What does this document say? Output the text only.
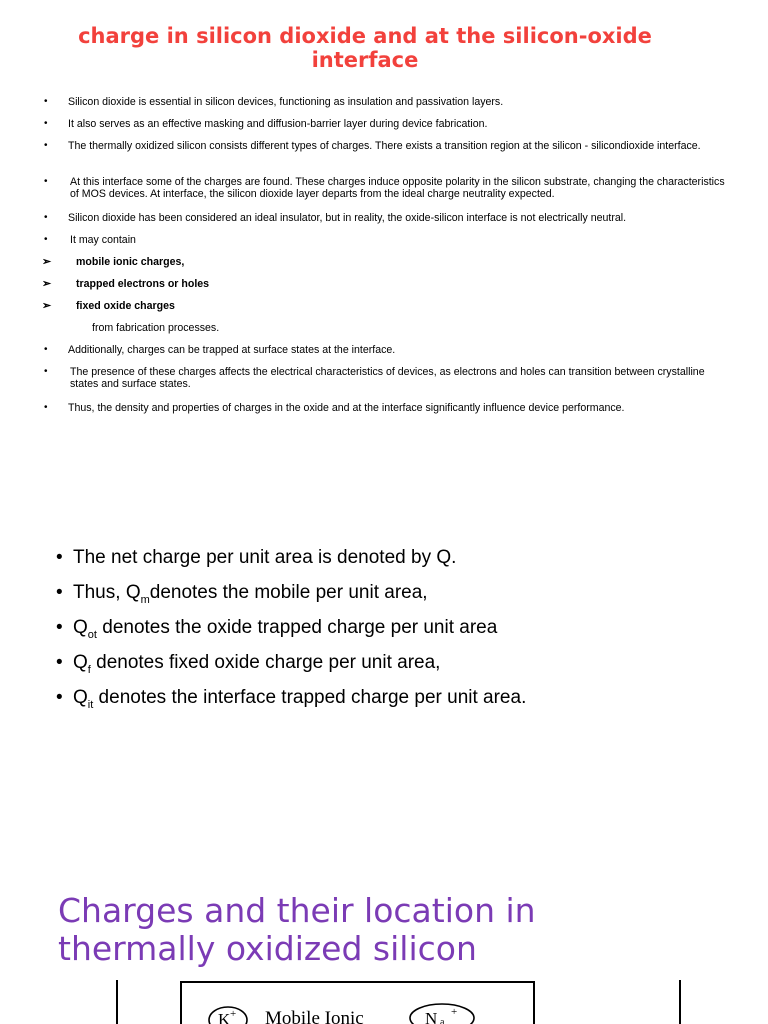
charge in silicon dioxide and at the silicon-oxide interface
• Silicon dioxide is essential in silicon devices, functioning as insulation and passivation layers.
• It also serves as an effective masking and diffusion-barrier layer during device fabrication.
• The thermally oxidized silicon consists different types of charges. There exists a transition region at the silicon - silicondioxide interface.
• At this interface some of the charges are found. These charges induce opposite polarity in the silicon substrate, changing the characteristics of MOS devices. At interface, the silicon dioxide layer departs from the ideal charge neutrality expected.
• Silicon dioxide has been considered an ideal insulator, but in reality, the oxide-silicon interface is not electrically neutral.
• It may contain
➢ mobile ionic charges,
➢ trapped electrons or holes
➢ fixed oxide charges
from fabrication processes.
• Additionally, charges can be trapped at surface states at the interface.
• The presence of these charges affects the electrical characteristics of devices, as electrons and holes can transition between crystalline states and surface states.
• Thus, the density and properties of charges in the oxide and at the interface significantly influence device performance.
• The net charge per unit area is denoted by Q.
• Thus, $Q_mdenotes$ the mobile per unit area,
• $Q_{ot}$ denotes the oxide trapped charge per unit area
• $Q_f$ denotes fixed oxide charge per unit area,
• $Q_{it}$ denotes the interface trapped charge per unit area.
Charges and their location in thermally oxidized silicon
K + Mobile Ionic	N a
+
